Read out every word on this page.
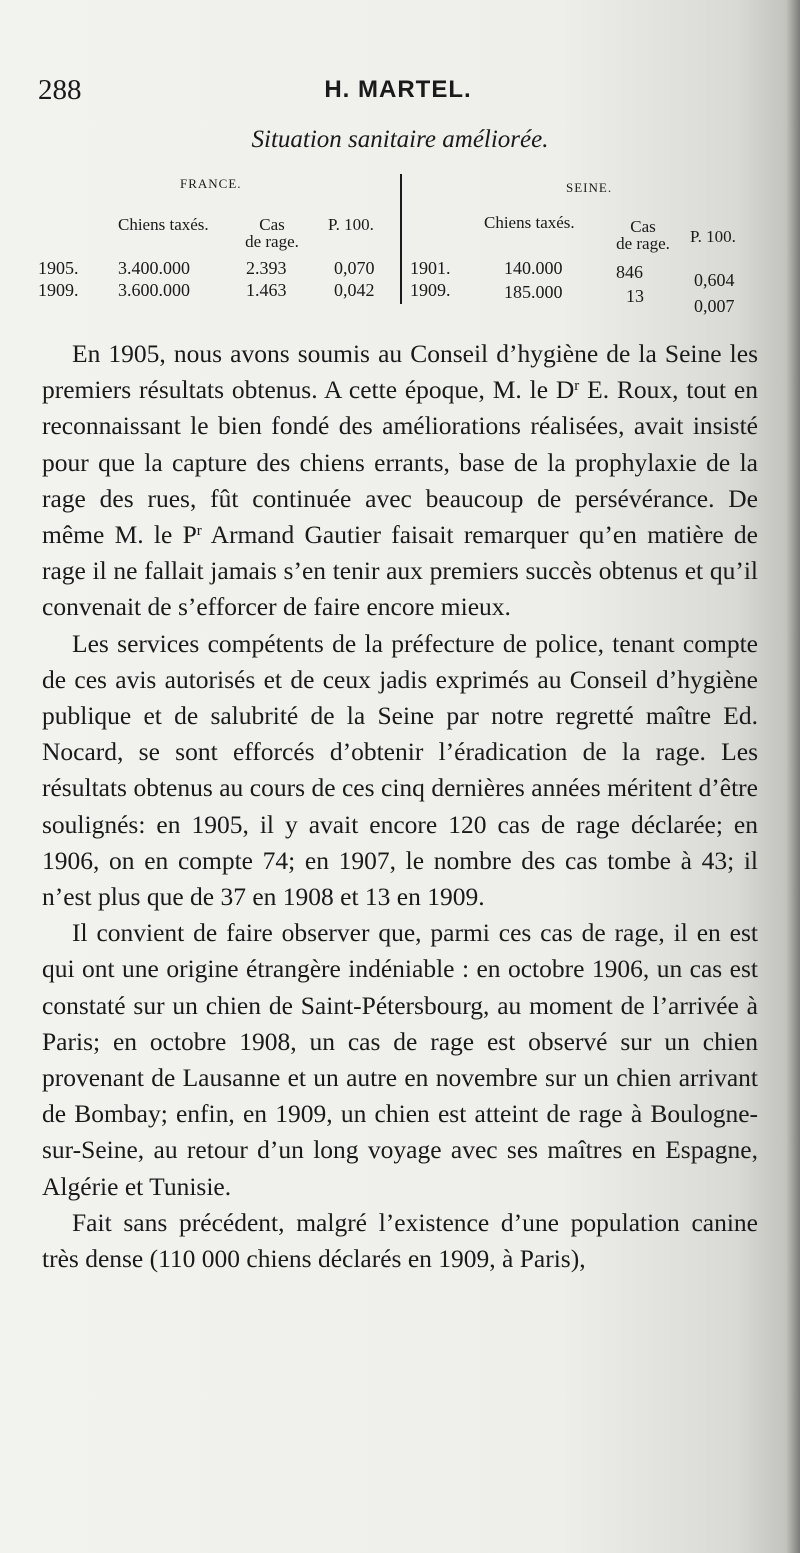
288	H. MARTEL.
Situation sanitaire améliorée.
FRANCE.
Chiens taxés.	Cas
de rage.
P. 100.
1905. 3.400.000	2.393	0,070
1909. 3.600.000	1.463	0,042
SEINE.
Chiens taxés.	Cas
de rage.	P. 100.
1901.	140.000	846	0,604
1909.	185.000	13	0,007

En 1905, nous avons soumis au Conseil d’hygiène de la Seine les premiers résultats obtenus. A cette époque, M. le $D^r$ E. Roux, tout en reconnaissant le bien fondé des améliorations réalisées, avait insisté pour que la capture des chiens errants, base de la prophylaxie de la rage des rues, fût continuée avec beaucoup de persévérance. De même M. le $P^r$ Armand Gautier faisait remarquer qu’en matière de rage il ne fallait jamais s’en tenir aux premiers succès obtenus et qu’il convenait de s’efforcer de faire encore mieux.

Les services compétents de la préfecture de police, tenant compte de ces avis autorisés et de ceux jadis exprimés au Conseil d’hygiène publique et de salubrité de la Seine par notre regretté maître Ed. Nocard, se sont efforcés d’obtenir l’éradication de la rage. Les résultats obtenus au cours de ces cinq dernières années méritent d’être soulignés: en 1905, il y avait encore 120 cas de rage déclarée; en 1906, on en compte 74; en 1907, le nombre des cas tombe à 43; il n’est plus que de 37 en 1908 et 13 en 1909.

Il convient de faire observer que, parmi ces cas de rage, il en est qui ont une origine étrangère indéniable : en octobre 1906, un cas est constaté sur un chien de Saint-Pétersbourg, au moment de l’arrivée à Paris; en octobre 1908, un cas de rage est observé sur un chien provenant de Lausanne et un autre en novembre sur un chien arrivant de Bombay; enfin, en 1909, un chien est atteint de rage à Boulogne-sur-Seine, au retour d’un long voyage avec ses maîtres en Espagne, Algérie et Tunisie.

Fait sans précédent, malgré l’existence d’une population canine très dense (110 000 chiens déclarés en 1909, à Paris),
